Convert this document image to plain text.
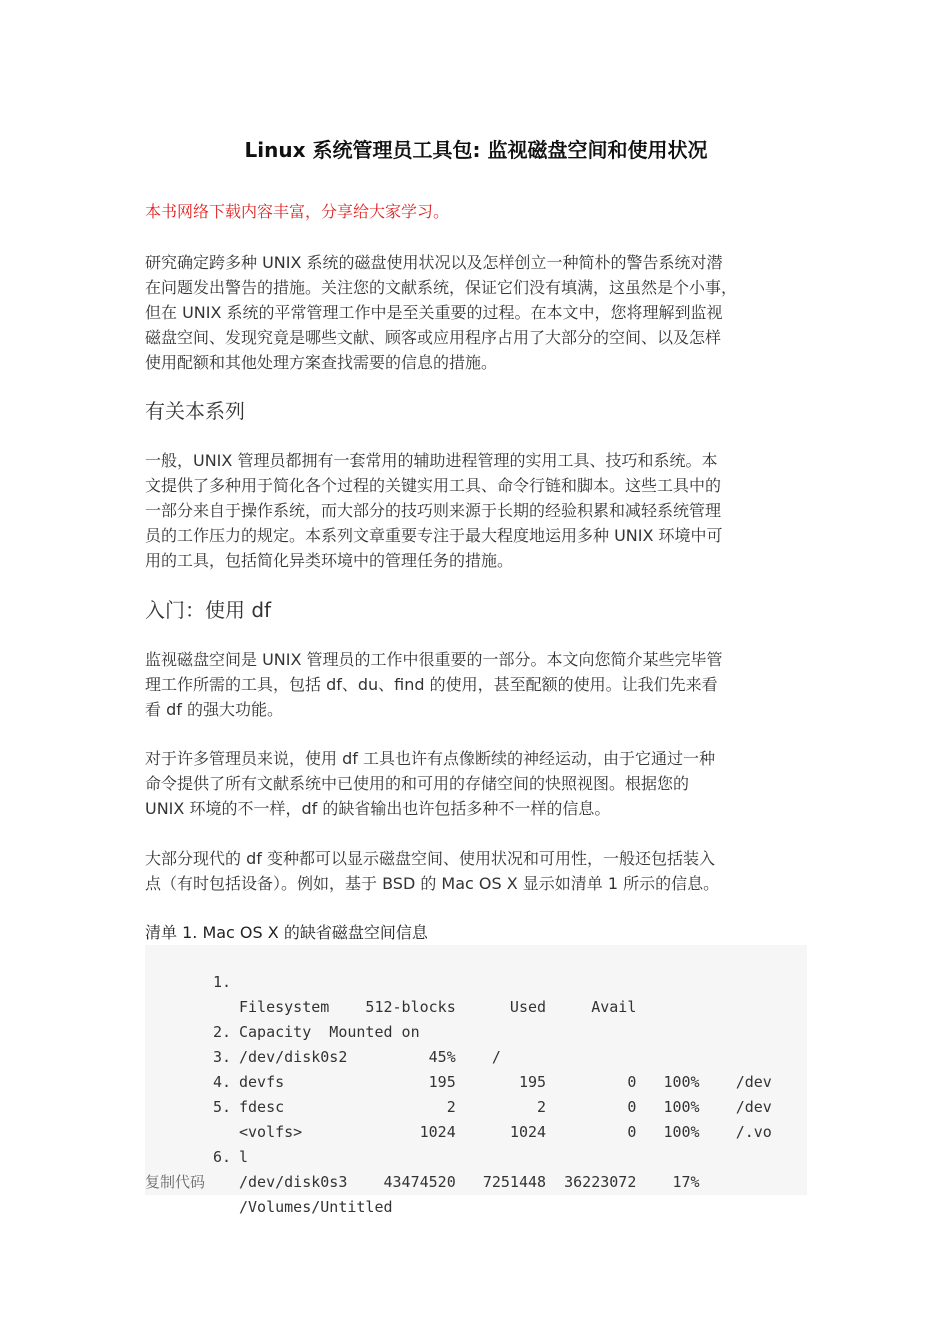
Linux 系统管理员工具包: 监视磁盘空间和使用状况

本书网络下载内容丰富，分享给大家学习。

研究确定跨多种 UNIX 系统的磁盘使用状况以及怎样创立一种简朴的警告系统对潜
在问题发出警告的措施。关注您的文献系统，保证它们没有填满，这虽然是个小事，
但在 UNIX 系统的平常管理工作中是至关重要的过程。在本文中，您将理解到监视
磁盘空间、发现究竟是哪些文献、顾客或应用程序占用了大部分的空间、以及怎样
使用配额和其他处理方案查找需要的信息的措施。
有关本系列
一般，UNIX 管理员都拥有一套常用的辅助进程管理的实用工具、技巧和系统。本
文提供了多种用于简化各个过程的关键实用工具、命令行链和脚本。这些工具中的
一部分来自于操作系统，而大部分的技巧则来源于长期的经验积累和减轻系统管理
员的工作压力的规定。本系列文章重要专注于最大程度地运用多种 UNIX 环境中可
用的工具，包括简化异类环境中的管理任务的措施。
入门：使用 df
监视磁盘空间是 UNIX 管理员的工作中很重要的一部分。本文向您简介某些完毕管
理工作所需的工具，包括 df、du、find 的使用，甚至配额的使用。让我们先来看
看 df 的强大功能。
对于许多管理员来说，使用 df 工具也许有点像断续的神经运动，由于它通过一种
命令提供了所有文献系统中已使用的和可用的存储空间的快照视图。根据您的
UNIX 环境的不一样，df 的缺省输出也许包括多种不一样的信息。
大部分现代的 df 变种都可以显示磁盘空间、使用状况和可用性，一般还包括装入
点（有时包括设备）。例如，基于 BSD 的 Mac OS X 显示如清单 1 所示的信息。

清单 1. Mac OS X 的缺省磁盘空间信息

1.

Filesystem    512-blocks      Used     Avail

Capacity  Mounted on

2.

/dev/disk0s2         45%    /

3.

devfs                195       195         0   100%    /dev

4.

fdesc                  2         2         0   100%    /dev

5.

<volfs>             1024      1024         0   100%    /.vo

l

6.

/dev/disk0s3    43474520   7251448  36223072    17%

/Volumes/Untitled

复制代码
